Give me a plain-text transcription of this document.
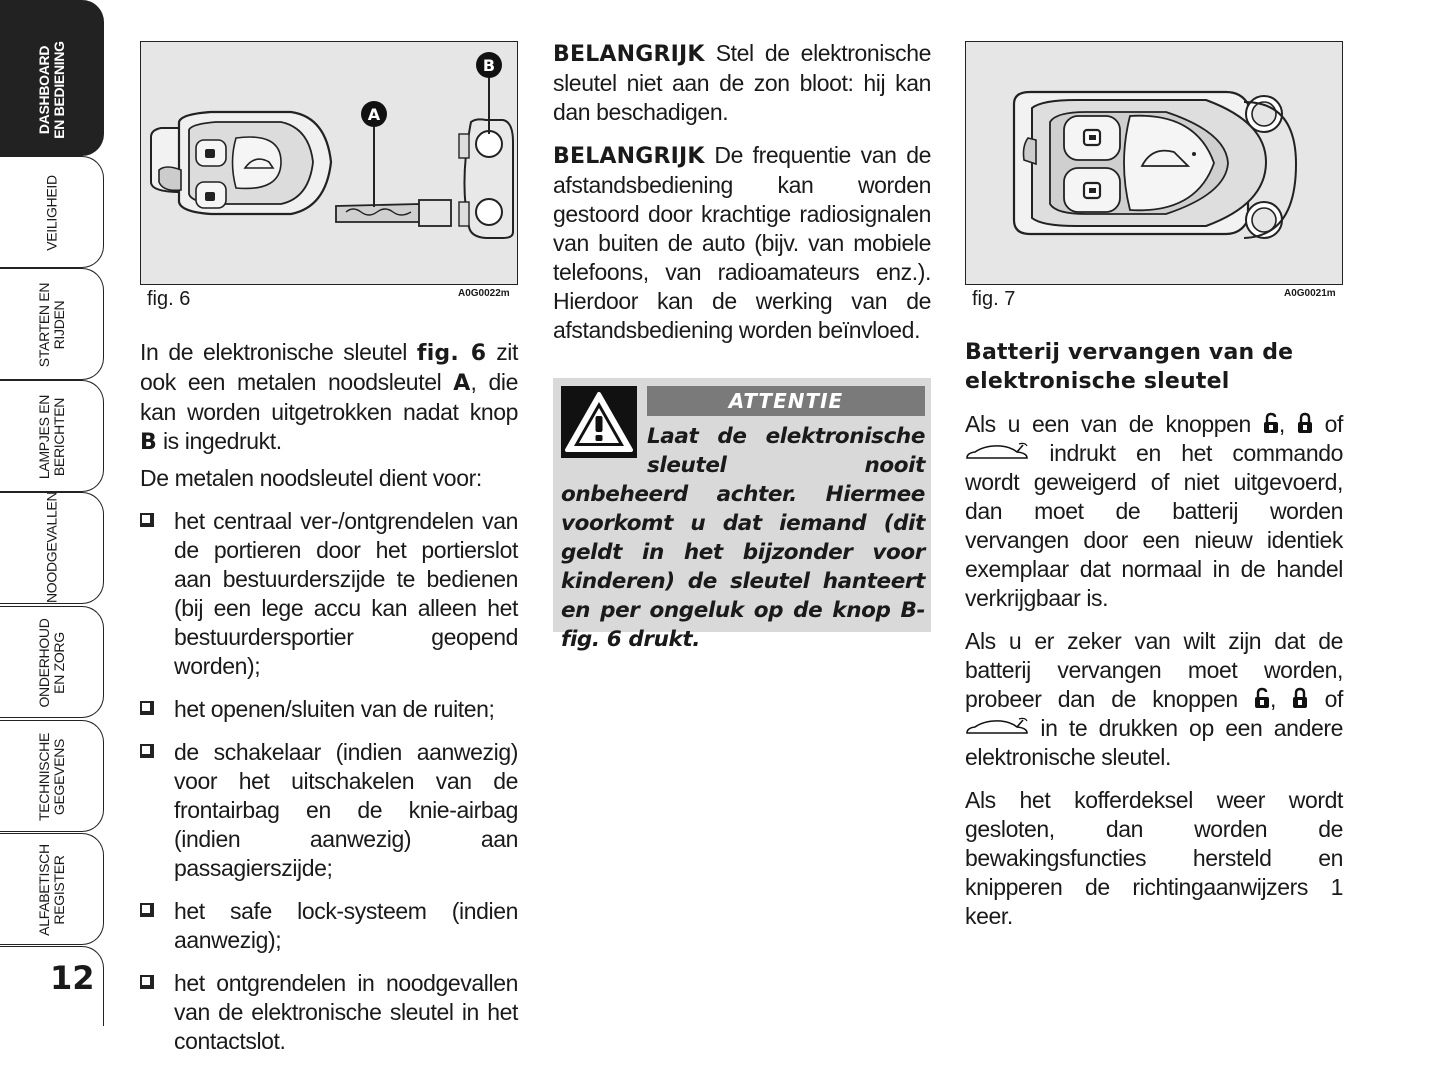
DASHBOARD
EN BEDIENING
VEILIGHEID
STARTEN EN RIJDEN
LAMPJES EN
BERICHTEN
NOODGEVALLEN
ONDERHOUD
EN ZORG
TECHNISCHE
GEGEVENS
ALFABETISCH
REGISTER
12
A
B
fig. 6	A0G0022m

In de elektronische sleutel fig. 6 zit ook een metalen noodsleutel A, die kan worden uitgetrokken nadat knop B is ingedrukt.

De metalen noodsleutel dient voor:

het centraal ver-/ontgrendelen van de portieren door het portierslot aan bestuurderszijde te bedienen (bij een lege accu kan alleen het bestuurdersportier geopend worden);
het openen/sluiten van de ruiten;
de schakelaar (indien aanwezig) voor het uitschakelen van de frontairbag en de knie-airbag (indien aanwezig) aan passagierszijde;
het safe lock-systeem (indien aanwezig);
het ontgrendelen in noodgevallen van de elektronische sleutel in het contactslot.

BELANGRIJK Stel de elektronische sleutel niet aan de zon bloot: hij kan dan beschadigen.

BELANGRIJK De frequentie van de afstandsbediening kan worden gestoord door krachtige radiosignalen van buiten de auto (bijv. van mobiele telefoons, van radioamateurs enz.). Hierdoor kan de werking van de afstandsbediening worden beïnvloed.

ATTENTIE
Laat de elektronische sleutel nooit onbeheerd achter. Hiermee voorkomt u dat iemand (dit geldt in het bijzonder voor kinderen) de sleutel hanteert en per ongeluk op de knop B-fig. 6 drukt.
fig. 7	A0G0021m

Batterij vervangen van de elektronische sleutel

Als u een van de knoppen ,  of  indrukt en het commando wordt geweigerd of niet uitgevoerd, dan moet de batterij worden vervangen door een nieuw identiek exemplaar dat normaal in de handel verkrijgbaar is.

Als u er zeker van wilt zijn dat de batterij vervangen moet worden, probeer dan de knoppen ,  of  in te drukken op een andere elektronische sleutel.

Als het kofferdeksel weer wordt gesloten, dan worden de bewakingsfuncties hersteld en knipperen de richtingaanwijzers 1 keer.
